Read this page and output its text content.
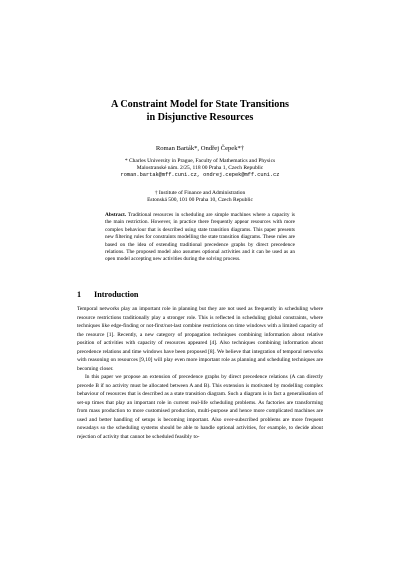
A Constraint Model for State Transitions
in Disjunctive Resources
Roman Barták*, Ondřej Čepek*†
* Charles University in Prague, Faculty of Mathematics and Physics
Malostranské nám. 2/25, 118 00 Praha 1, Czech Republic
roman.bartak@mff.cuni.cz, ondrej.cepek@mff.cuni.cz
† Institute of Finance and Administration
Estonská 500, 101 00 Praha 10, Czech Republic
Abstract. Traditional resources in scheduling are simple machines where a capacity is the main restriction. However, in practice there frequently appear resources with more complex behaviour that is described using state transition diagrams. This paper presents new filtering rules for constraints modelling the state transition diagrams. These rules are based on the idea of extending traditional precedence graphs by direct precedence relations. The proposed model also assumes optional activities and it can be used as an open model accepting new activities during the solving process.
1 Introduction

Temporal networks play an important role in planning but they are not used as frequently in scheduling where resource restrictions traditionally play a stronger role. This is reflected in scheduling global constraints, where techniques like edge-finding or not-first/not-last combine restrictions on time windows with a limited capacity of the resource [1]. Recently, a new category of propagation techniques combining information about relative position of activities with capacity of resources appeared [4]. Also techniques combining information about precedence relations and time windows have been proposed [8]. We believe that integration of temporal networks with reasoning on resources [9,10] will play even more important role as planning and scheduling techniques are becoming closer.

In this paper we propose an extension of precedence graphs by direct precedence relations (A can directly precede B if no activity must be allocated between A and B). This extension is motivated by modelling complex behaviour of resources that is described as a state transition diagram. Such a diagram is in fact a generalisation of set-up times that play an important role in current real-life scheduling problems. As factories are transforming from mass production to more customised production, multi-purpose and hence more complicated machines are used and better handling of setups is becoming important. Also over-subscribed problems are more frequent nowadays so the scheduling systems should be able to handle optional activities, for example, to decide about rejection of activity that cannot be scheduled feasibly to-
